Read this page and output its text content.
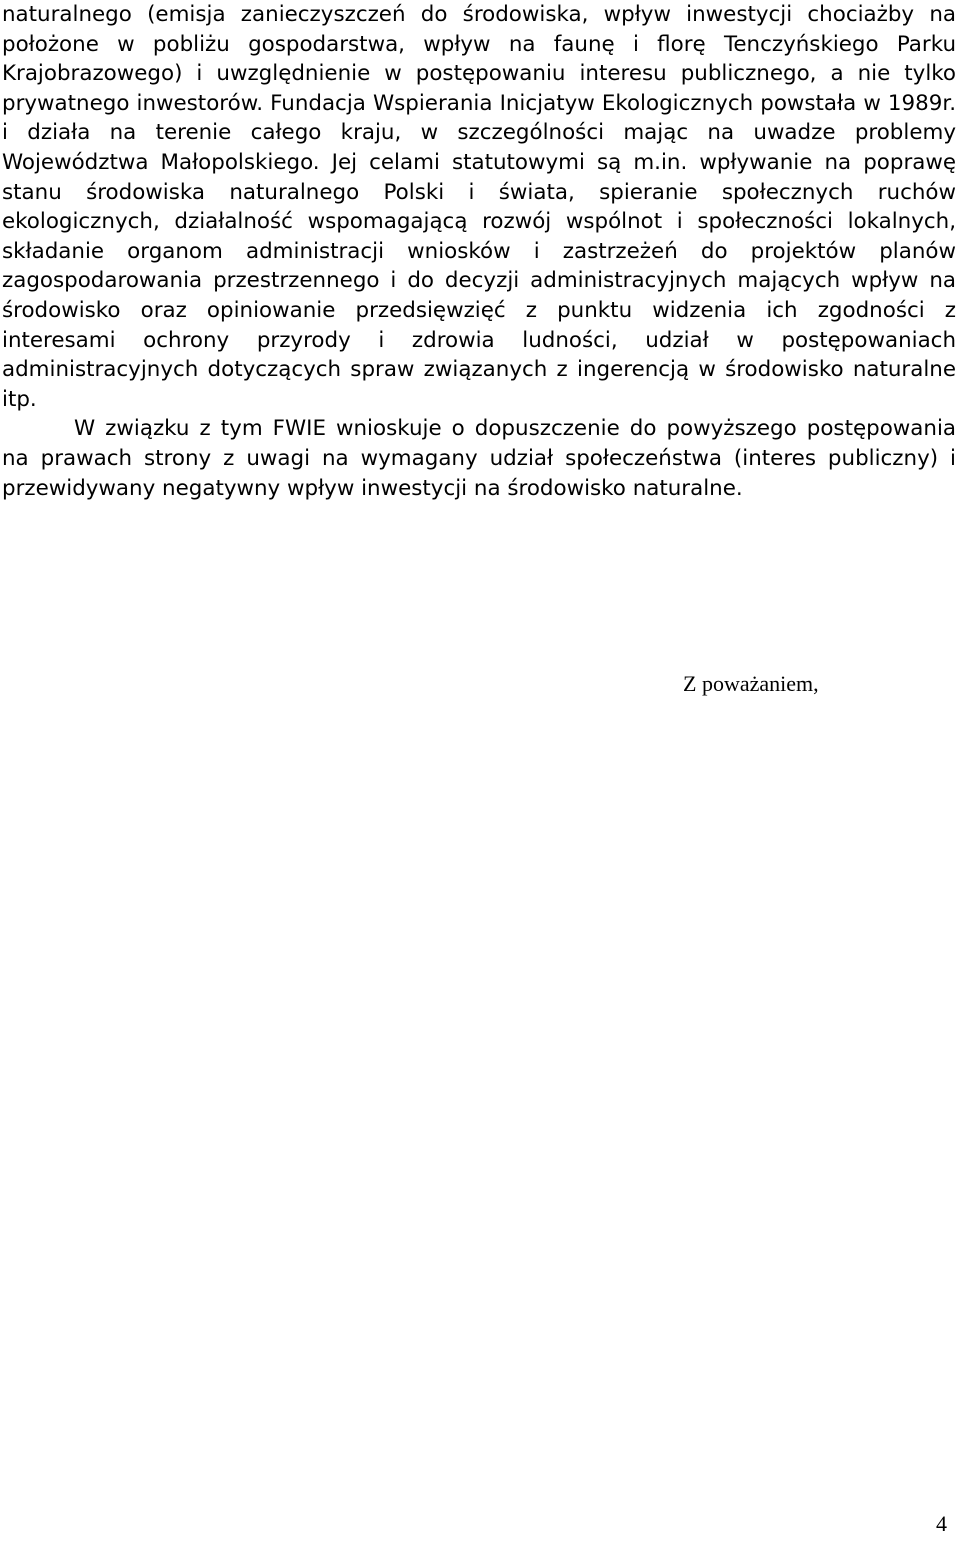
naturalnego (emisja zanieczyszczeń do środowiska, wpływ inwestycji chociażby na położone w pobliżu gospodarstwa, wpływ na faunę i florę Tenczyńskiego Parku Krajobrazowego) i uwzględnienie w postępowaniu interesu publicznego, a nie tylko prywatnego inwestorów. Fundacja Wspierania Inicjatyw Ekologicznych powstała w 1989r. i działa na terenie całego kraju, w szczególności mając na uwadze problemy Województwa Małopolskiego. Jej celami statutowymi są m.in. wpływanie na poprawę stanu środowiska naturalnego Polski i świata, spieranie społecznych ruchów ekologicznych, działalność wspomagającą rozwój wspólnot i społeczności lokalnych, składanie organom administracji wniosków i zastrzeżeń do projektów planów zagospodarowania przestrzennego i do decyzji administracyjnych mających wpływ na środowisko oraz opiniowanie przedsięwzięć z punktu widzenia ich zgodności z interesami ochrony przyrody i zdrowia ludności, udział w postępowaniach administracyjnych dotyczących spraw związanych z ingerencją w środowisko naturalne itp.

W związku z tym FWIE wnioskuje o dopuszczenie do powyższego postępowania na prawach strony z uwagi na wymagany udział społeczeństwa (interes publiczny) i przewidywany negatywny wpływ inwestycji na środowisko naturalne.

Z poważaniem,
4
